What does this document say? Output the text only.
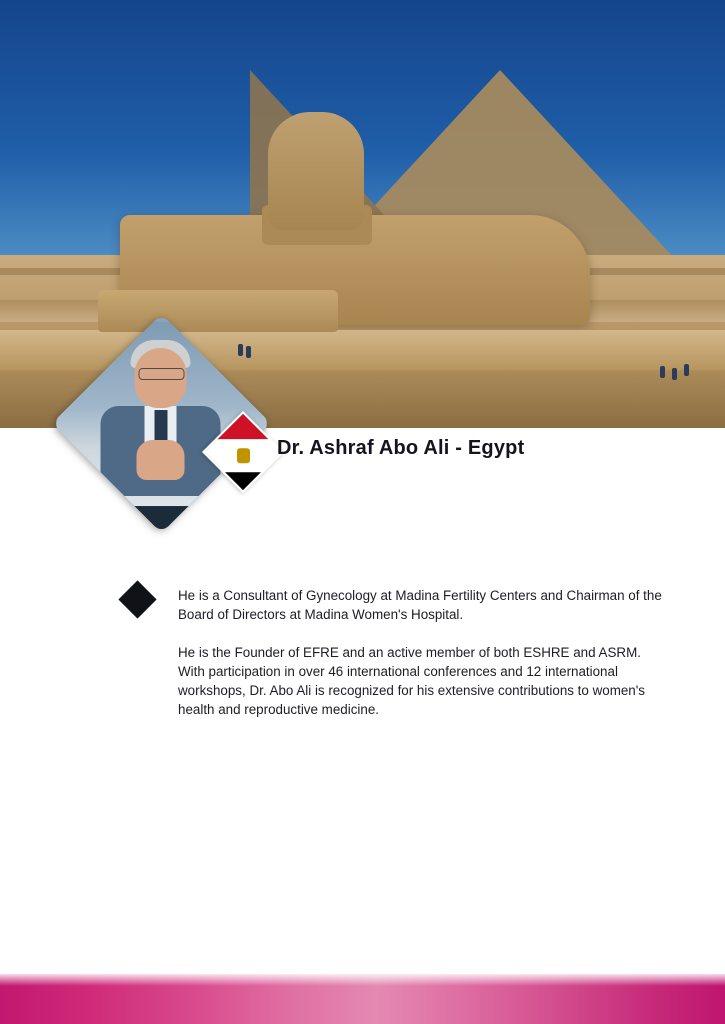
Dr. Ashraf Abo Ali - Egypt

He is a Consultant of Gynecology at Madina Fertility Centers and Chairman of the Board of Directors at Madina Women's Hospital.

He is the Founder of EFRE and an active member of both ESHRE and ASRM. With participation in over 46 international conferences and 12 international workshops, Dr. Abo Ali is recognized for his extensive contributions to women's health and reproductive medicine.
